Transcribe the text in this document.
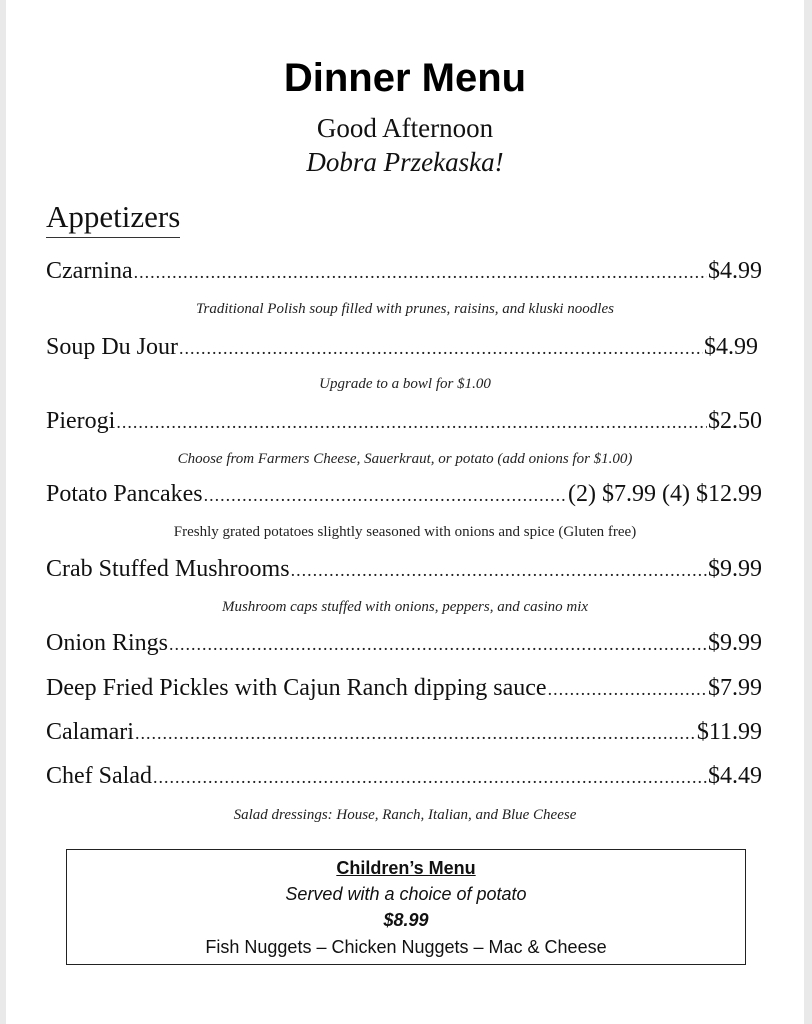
Dinner Menu
Good Afternoon
Dobra Przekaska!
Appetizers
Czarnina .....	$4.99
Traditional Polish soup filled with prunes, raisins, and kluski noodles
Soup Du Jour .....	$4.99
Upgrade to a bowl for $1.00
Pierogi .....	$2.50
Choose from Farmers Cheese, Sauerkraut, or potato (add onions for $1.00)
Potato Pancakes .....	(2) $7.99 (4) $12.99
Freshly grated potatoes slightly seasoned with onions and spice (Gluten free)
Crab Stuffed Mushrooms .....	$9.99
Mushroom caps stuffed with onions, peppers, and casino mix
Onion Rings .....	$9.99
Deep Fried Pickles with Cajun Ranch dipping sauce .....	$7.99
Calamari .....	$11.99
Chef Salad .....	$4.49
Salad dressings: House, Ranch, Italian, and Blue Cheese
Children’s Menu
Served with a choice of potato
$8.99
Fish Nuggets – Chicken Nuggets – Mac & Cheese
